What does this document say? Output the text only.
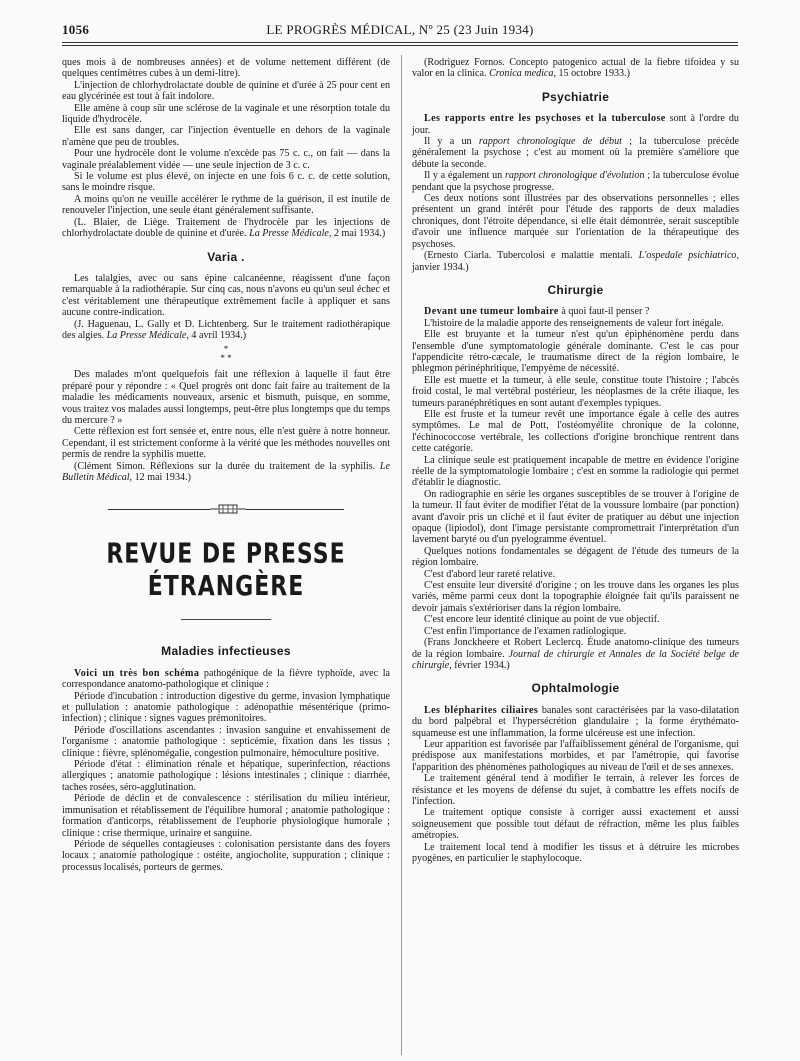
1056	LE PROGRÈS MÉDICAL, Nº 25 (23 Juin 1934)

ques mois à de nombreuses années) et de volume nettement différent (de quelques centimètres cubes à un demi-litre).

L'injection de chlorhydrolactate double de quinine et d'urée à 25 pour cent en eau glycérinée est tout à fait indolore.

Elle amène à coup sûr une sclérose de la vaginale et une résorption totale du liquide d'hydrocèle.

Elle est sans danger, car l'injection éventuelle en dehors de la vaginale n'amène que peu de troubles.

Pour une hydrocèle dont le volume n'excède pas 75 c. c., on fait — dans la vaginale préalablement vidée — une seule injection de 3 c. c.

Si le volume est plus élevé, on injecte en une fois 6 c. c. de cette solution, sans le moindre risque.

A moins qu'on ne veuille accélérer le rythme de la guérison, il est inutile de renouveler l'injection, une seule étant généralement suffisante.

(L. Blaier, de Liège. Traitement de l'hydrocèle par les injections de chlorhydrolactate double de quinine et d'urée. La Presse Médicale, 2 mai 1934.)

Varia .

Les talalgies, avec ou sans épine calcanéenne, réagissent d'une façon remarquable à la radiothérapie. Sur cinq cas, nous n'avons eu qu'un seul échec et c'est véritablement une thérapeutique extrêmement facile à appliquer et sans aucune contre-indication.

(J. Haguenau, L. Gally et D. Lichtenberg. Sur le traitement radiothérapique des algies. La Presse Médicale, 4 avril 1934.)

*
* *

Des malades m'ont quelquefois fait une réflexion à laquelle il faut être préparé pour y répondre : « Quel progrès ont donc fait faire au traitement de la maladie les médicaments nouveaux, arsenic et bismuth, puisque, en somme, vous traitez vos malades aussi longtemps, peut-être plus longtemps que du temps du mercure ? »

Cette réflexion est fort sensée et, entre nous, elle n'est guère à notre honneur. Cependant, il est strictement conforme à la vérité que les méthodes nouvelles ont permis de rendre la syphilis muette.

(Clément Simon. Réflexions sur la durée du traitement de la syphilis. Le Bulletin Médical, 12 mai 1934.)

REVUE DE PRESSE ÉTRANGÈRE
Maladies infectieuses

Voici un très bon schéma pathogénique de la fièvre typhoïde, avec la correspondance anatomo-pathologique et clinique :

Période d'incubation : introduction digestive du germe, invasion lymphatique et pullulation : anatomie pathologique : adénopathie mésentérique (primo-infection) ; clinique : signes vagues prémonitoires.

Période d'oscillations ascendantes : invasion sanguine et envahissement de l'organisme : anatomie pathologique : septicémie, fixation dans les tissus ; clinique : fièvre, splénomégalie, congestion pulmonaire, hémoculture positive.

Période d'état : élimination rénale et hépatique, superinfection, réactions allergiques ; anatomie pathologique : lésions intestinales ; clinique : diarrhée, taches rosées, séro-agglutination.

Période de déclin et de convalescence : stérilisation du milieu intérieur, immunisation et rétablissement de l'équilibre humoral ; anatomie pathologique : formation d'anticorps, rétablissement de l'euphorie physiologique humorale ; clinique : crise thermique, urinaire et sanguine.

Période de séquelles contagieuses : colonisation persistante dans des foyers locaux ; anatomie pathologique : ostéite, angiocholite, suppuration ; clinique : processus localisés, porteurs de germes.

(Rodriguez Fornos. Concepto patogenico actual de la fiebre tifoidea y su valor en la clinica. Cronica medica, 15 octobre 1933.)

Psychiatrie

Les rapports entre les psychoses et la tuberculose sont à l'ordre du jour.

Il y a un rapport chronologique de début ; la tuberculose précède généralement la psychose ; c'est au moment où la première s'améliore que débute la seconde.

Il y a également un rapport chronologique d'évolution ; la tuberculose évolue pendant que la psychose progresse.

Ces deux notions sont illustrées par des observations personnelles ; elles présentent un grand intérêt pour l'étude des rapports de deux maladies chroniques, dont l'étroite dépendance, si elle était démontrée, serait susceptible d'avoir une influence marquée sur l'orientation de la thérapeutique des psychoses.

(Ernesto Ciarla. Tubercolosi e malattie mentali. L'ospedale psichiatrico, janvier 1934.)

Chirurgie

Devant une tumeur lombaire à quoi faut-il penser ?

L'histoire de la maladie apporte des renseignements de valeur fort inégale.

Elle est bruyante et la tumeur n'est qu'un épiphénomène perdu dans l'ensemble d'une symptomatologie générale dominante. C'est le cas pour l'appendicite rétro-cæcale, le traumatisme direct de la région lombaire, le phlegmon périnéphritique, l'empyème de nécessité.

Elle est muette et la tumeur, à elle seule, constitue toute l'histoire ; l'abcès froid costal, le mal vertébral postérieur, les néoplasmes de la crête iliaque, les tumeurs paranéphrétiques en sont autant d'exemples typiques.

Elle est fruste et la tumeur revêt une importance égale à celle des autres symptômes. Le mal de Pott, l'ostéomyélite chronique de la colonne, l'échinococcose vertébrale, les collections d'origine bronchique rentrent dans cette catégorie.

La clinique seule est pratiquement incapable de mettre en évidence l'origine réelle de la symptomatologie lombaire ; c'est en somme la radiologie qui permet d'établir le diagnostic.

On radiographie en série les organes susceptibles de se trouver à l'origine de la tumeur. Il faut éviter de modifier l'état de la voussure lombaire (par ponction) avant d'avoir pris un cliché et il faut éviter de pratiquer au début une injection opaque (lipiodol), dont l'image persistante compromettrait l'interprétation d'un lavement baryté ou d'un pyelogramme éventuel.

Quelques notions fondamentales se dégagent de l'étude des tumeurs de la région lombaire.

C'est d'abord leur rareté relative.

C'est ensuite leur diversité d'origine ; on les trouve dans les organes les plus variés, même parmi ceux dont la topographie éloignée fait qu'ils paraissent ne devoir jamais s'extérioriser dans la région lombaire.

C'est encore leur identité clinique au point de vue objectif.

C'est enfin l'importance de l'examen radiologique.

(Frans Jonckheere et Robert Leclercq. Étude anatomo-clinique des tumeurs de la région lombaire. Journal de chirurgie et Annales de la Société belge de chirurgie, février 1934.)

Ophtalmologie

Les blépharites ciliaires banales sont caractérisées par la vaso-dilatation du bord palpébral et l'hypersécrétion glandulaire ; la forme érythémato-squameuse est une inflammation, la forme ulcéreuse est une infection.

Leur apparition est favorisée par l'affaiblissement général de l'organisme, qui prédispose aux manifestations morbides, et par l'amétropie, qui favorise l'apparition des phénomènes pathologiques au niveau de l'œil et de ses annexes.

Le traitement général tend à modifier le terrain, à relever les forces de résistance et les moyens de défense du sujet, à combattre les effets nocifs de l'infection.

Le traitement optique consiste à corriger aussi exactement et aussi soigneusement que possible tout défaut de réfraction, même les plus faibles amétropies.

Le traitement local tend à modifier les tissus et à détruire les microbes pyogènes, en particulier le staphylocoque.
